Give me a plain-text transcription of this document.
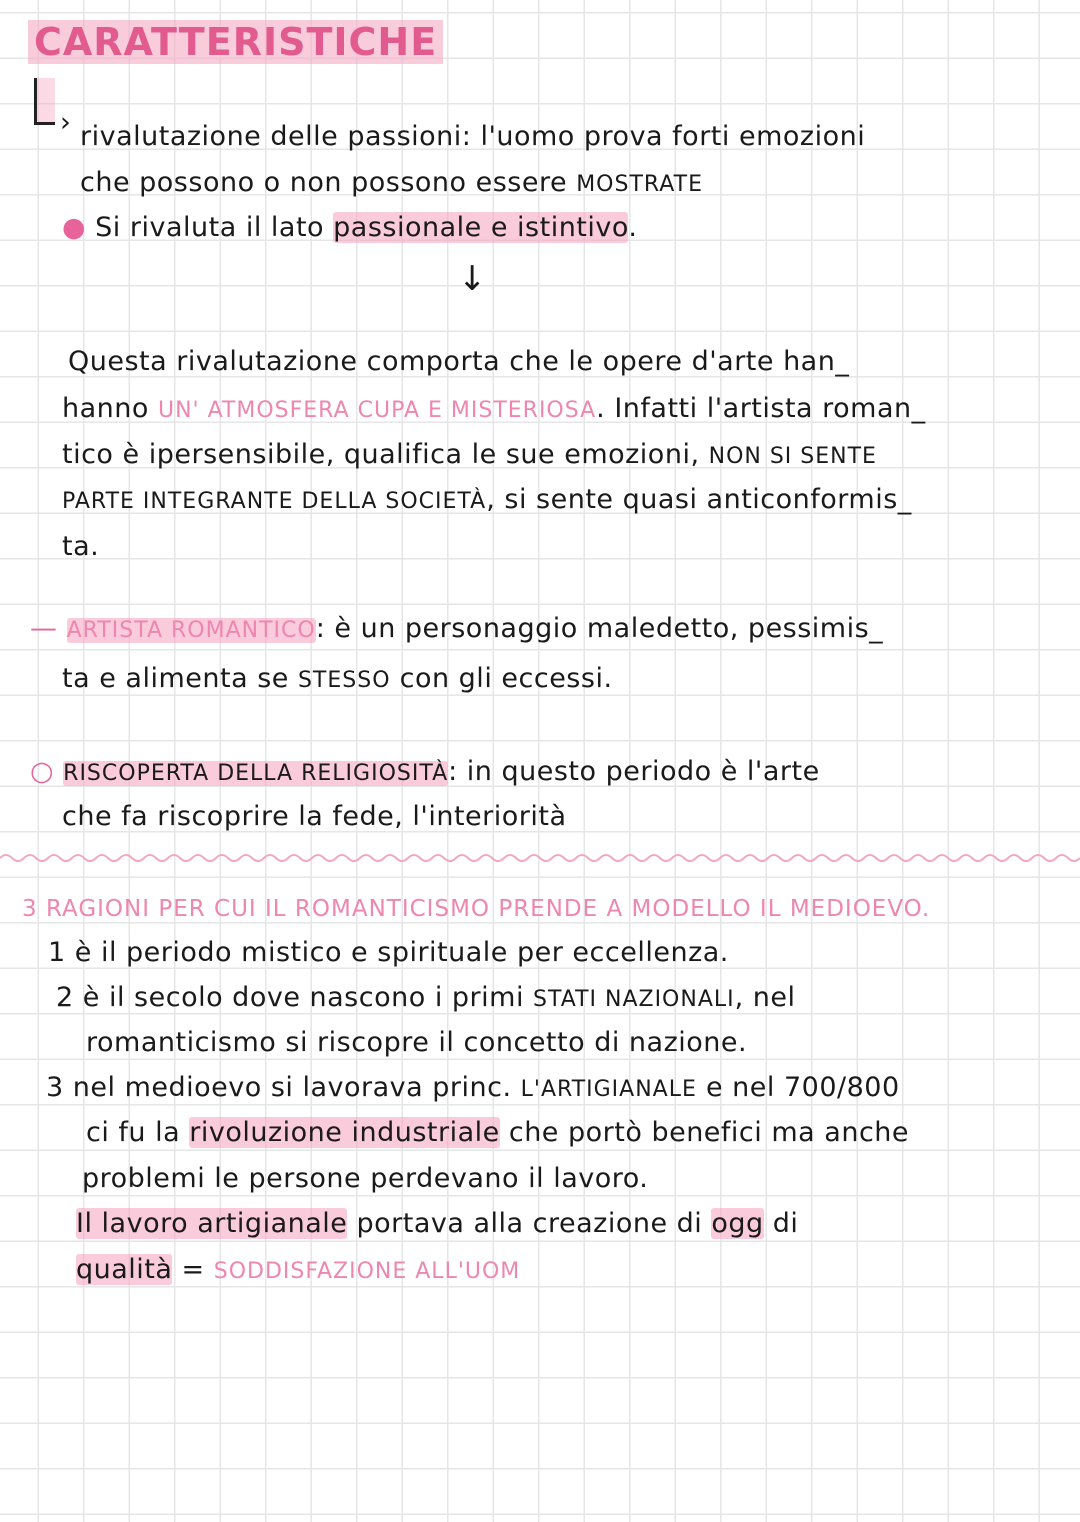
CARATTERISTICHE
› rivalutazione delle passioni: l'uomo prova forti emozioni
che possono o non possono essere MOSTRATE
● Si rivaluta il lato passionale e istintivo.
↓
Questa rivalutazione comporta che le opere d'arte han_
hanno UN' ATMOSFERA CUPA E MISTERIOSA. Infatti l'artista roman_
tico è ipersensibile, qualifica le sue emozioni, NON SI SENTE
PARTE INTEGRANTE DELLA SOCIETÀ, si sente quasi anticonformis_
ta.
— ARTISTA ROMANTICO: è un personaggio maledetto, pessimis_
ta e alimenta se STESSO con gli eccessi.
○ RISCOPERTA DELLA RELIGIOSITÀ: in questo periodo è l'arte
che fa riscoprire la fede, l'interiorità
3 RAGIONI PER CUI IL ROMANTICISMO PRENDE A MODELLO IL MEDIOEVO.
1 è il periodo mistico e spirituale per eccellenza.
2 è il secolo dove nascono i primi STATI NAZIONALI, nel
romanticismo si riscopre il concetto di nazione.
3 nel medioevo si lavorava princ. L'ARTIGIANALE e nel 700/800
ci fu la rivoluzione industriale che portò benefici ma anche
problemi le persone perdevano il lavoro.
Il lavoro artigianale portava alla creazione di ogg di
qualità = SODDISFAZIONE ALL'UOM
